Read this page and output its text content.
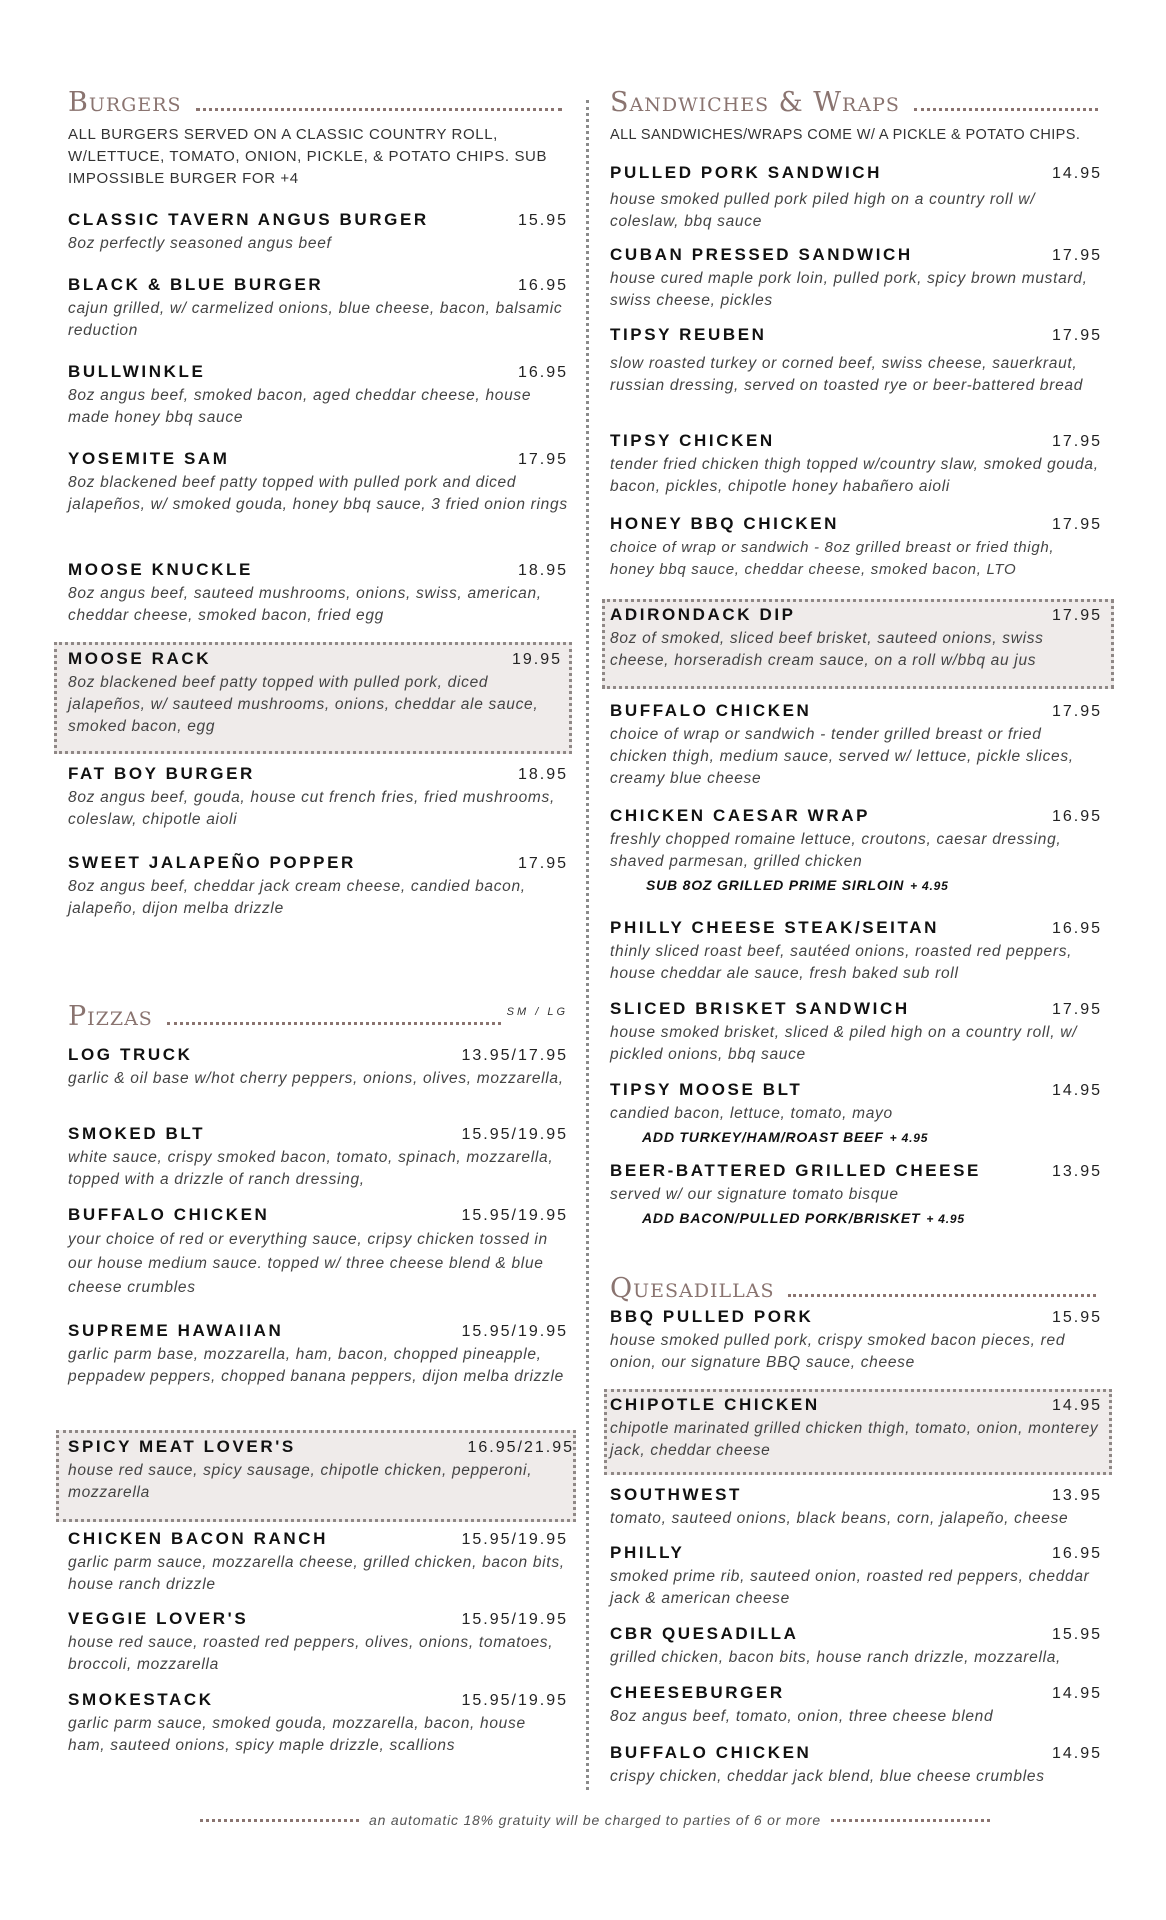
Burgers
ALL BURGERS SERVED ON A CLASSIC COUNTRY ROLL, W/LETTUCE, TOMATO, ONION, PICKLE, & POTATO CHIPS. SUB IMPOSSIBLE BURGER FOR +4
CLASSIC TAVERN ANGUS BURGER	15.95
8oz perfectly seasoned angus beef
BLACK & BLUE BURGER	16.95
cajun grilled, w/ carmelized onions, blue cheese, bacon, balsamic reduction
BULLWINKLE	16.95
8oz angus beef, smoked bacon, aged cheddar cheese, house made honey bbq sauce
YOSEMITE SAM	17.95
8oz blackened beef patty topped with pulled pork and diced jalapeños, w/ smoked gouda, honey bbq sauce, 3 fried onion rings
MOOSE KNUCKLE	18.95
8oz angus beef, sauteed mushrooms, onions, swiss, american, cheddar cheese, smoked bacon, fried egg
MOOSE RACK	19.95
8oz blackened beef patty topped with pulled pork, diced jalapeños, w/ sauteed mushrooms, onions, cheddar ale sauce, smoked bacon, egg
FAT BOY BURGER	18.95
8oz angus beef, gouda, house cut french fries, fried mushrooms, coleslaw, chipotle aioli
SWEET JALAPEÑO POPPER	17.95
8oz angus beef, cheddar jack cream cheese, candied bacon, jalapeño, dijon melba drizzle
Pizzas	SM / LG
LOG TRUCK	13.95/17.95
garlic & oil base w/hot cherry peppers, onions, olives, mozzarella,
SMOKED BLT	15.95/19.95
white sauce, crispy smoked bacon, tomato, spinach, mozzarella, topped with a drizzle of ranch dressing,
BUFFALO CHICKEN	15.95/19.95
your choice of red or everything sauce, cripsy chicken tossed in our house medium sauce. topped w/ three cheese blend & blue cheese crumbles
SUPREME HAWAIIAN	15.95/19.95
garlic parm base, mozzarella, ham, bacon, chopped pineapple, peppadew peppers, chopped banana peppers, dijon melba drizzle
SPICY MEAT LOVER'S	16.95/21.95
house red sauce, spicy sausage, chipotle chicken, pepperoni, mozzarella
CHICKEN BACON RANCH	15.95/19.95
garlic parm sauce, mozzarella cheese, grilled chicken, bacon bits, house ranch drizzle
VEGGIE LOVER'S	15.95/19.95
house red sauce, roasted red peppers, olives, onions, tomatoes, broccoli, mozzarella
SMOKESTACK	15.95/19.95
garlic parm sauce, smoked gouda, mozzarella, bacon, house ham, sauteed onions, spicy maple drizzle, scallions
Sandwiches & Wraps
ALL SANDWICHES/WRAPS COME W/ A PICKLE & POTATO CHIPS.
PULLED PORK SANDWICH	14.95
house smoked pulled pork piled high on a country roll w/ coleslaw, bbq sauce
CUBAN PRESSED SANDWICH	17.95
house cured maple pork loin, pulled pork, spicy brown mustard, swiss cheese, pickles
TIPSY REUBEN	17.95
slow roasted turkey or corned beef, swiss cheese, sauerkraut, russian dressing, served on toasted rye or beer-battered bread
TIPSY CHICKEN	17.95
tender fried chicken thigh topped w/country slaw, smoked gouda, bacon, pickles, chipotle honey habañero aioli
HONEY BBQ CHICKEN	17.95
choice of wrap or sandwich - 8oz grilled breast or fried thigh, honey bbq sauce, cheddar cheese, smoked bacon, LTO
ADIRONDACK DIP	17.95
8oz of smoked, sliced beef brisket, sauteed onions, swiss cheese, horseradish cream sauce, on a roll w/bbq au jus
BUFFALO CHICKEN	17.95
choice of wrap or sandwich - tender grilled breast or fried chicken thigh, medium sauce, served w/ lettuce, pickle slices, creamy blue cheese
CHICKEN CAESAR WRAP	16.95
freshly chopped romaine lettuce, croutons, caesar dressing, shaved parmesan, grilled chicken
SUB 8OZ GRILLED PRIME SIRLOIN + 4.95
PHILLY CHEESE STEAK/SEITAN	16.95
thinly sliced roast beef, sautéed onions, roasted red peppers, house cheddar ale sauce, fresh baked sub roll
SLICED BRISKET SANDWICH	17.95
house smoked brisket, sliced & piled high on a country roll, w/ pickled onions, bbq sauce
TIPSY MOOSE BLT	14.95
candied bacon, lettuce, tomato, mayo
ADD TURKEY/HAM/ROAST BEEF + 4.95
BEER-BATTERED GRILLED CHEESE	13.95
served w/ our signature tomato bisque
ADD BACON/PULLED PORK/BRISKET + 4.95
Quesadillas
BBQ PULLED PORK	15.95
house smoked pulled pork, crispy smoked bacon pieces, red onion, our signature BBQ sauce, cheese
CHIPOTLE CHICKEN	14.95
chipotle marinated grilled chicken thigh, tomato, onion, monterey jack, cheddar cheese
SOUTHWEST	13.95
tomato, sauteed onions, black beans, corn, jalapeño, cheese
PHILLY	16.95
smoked prime rib, sauteed onion, roasted red peppers, cheddar jack & american cheese
CBR QUESADILLA	15.95
grilled chicken, bacon bits, house ranch drizzle, mozzarella,
CHEESEBURGER	14.95
8oz angus beef, tomato, onion, three cheese blend
BUFFALO CHICKEN	14.95
crispy chicken, cheddar jack blend, blue cheese crumbles
an automatic 18% gratuity will be charged to parties of 6 or more
